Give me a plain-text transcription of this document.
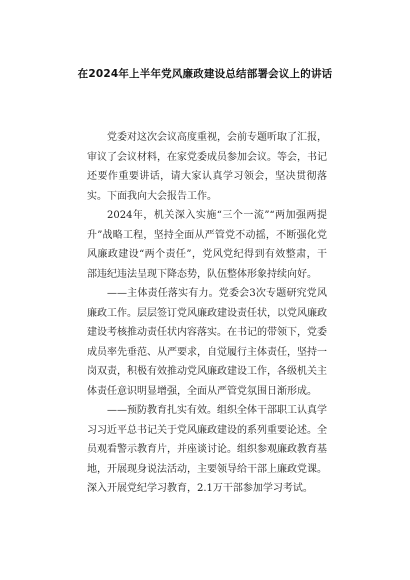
在2024年上半年党风廉政建设总结部署会议上的讲话

党委对这次会议高度重视，会前专题听取了汇报，审议了会议材料，在家党委成员参加会议。等会，书记还要作重要讲话，请大家认真学习领会，坚决贯彻落实。下面我向大会报告工作。

2024年，机关深入实施“三个一流”“两加强两提升”战略工程，坚持全面从严管党不动摇，不断强化党风廉政建设“两个责任”，党风党纪得到有效整肃，干部违纪违法呈现下降态势，队伍整体形象持续向好。

——主体责任落实有力。党委会3次专题研究党风廉政工作。层层签订党风廉政建设责任状，以党风廉政建设考核推动责任状内容落实。在书记的带领下，党委成员率先垂范、从严要求，自觉履行主体责任，坚持一岗双责，积极有效推动党风廉政建设工作，各级机关主体责任意识明显增强，全面从严管党氛围日渐形成。

——预防教育扎实有效。组织全体干部职工认真学习习近平总书记关于党风廉政建设的系列重要论述。全员观看警示教育片，并座谈讨论。组织参观廉政教育基地，开展现身说法活动，主要领导给干部上廉政党课。深入开展党纪学习教育，2.1万干部参加学习考试。
